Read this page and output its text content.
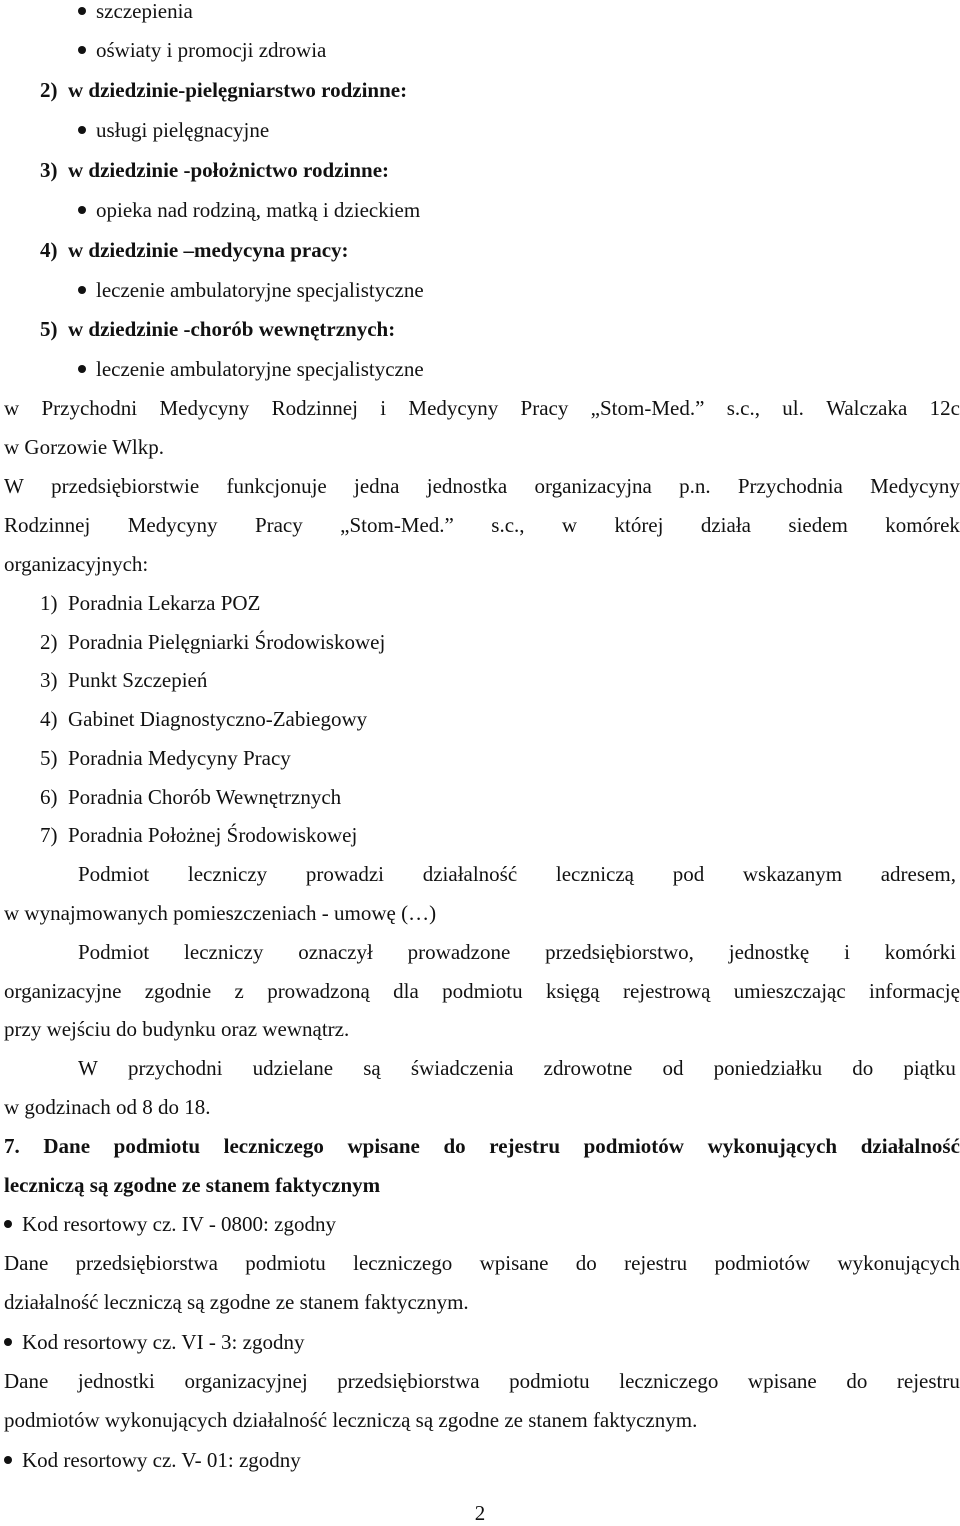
szczepienia
oświaty i promocji zdrowia
2) w dziedzinie-pielęgniarstwo rodzinne:
usługi pielęgnacyjne
3) w dziedzinie -położnictwo rodzinne:
opieka nad rodziną, matką i dzieckiem
4) w dziedzinie –medycyna pracy:
leczenie ambulatoryjne specjalistyczne
5) w dziedzinie -chorób wewnętrznych:
leczenie ambulatoryjne specjalistyczne
w Przychodni Medycyny Rodzinnej i Medycyny Pracy „Stom-Med.” s.c., ul. Walczaka 12c
w Gorzowie Wlkp.
W przedsiębiorstwie funkcjonuje jedna jednostka organizacyjna p.n. Przychodnia Medycyny
Rodzinnej Medycyny Pracy „Stom-Med.” s.c., w której działa siedem komórek
organizacyjnych:
1) Poradnia Lekarza POZ
2) Poradnia Pielęgniarki Środowiskowej
3) Punkt Szczepień
4) Gabinet Diagnostyczno-Zabiegowy
5) Poradnia Medycyny Pracy
6) Poradnia Chorób Wewnętrznych
7) Poradnia Położnej Środowiskowej
Podmiot leczniczy prowadzi działalność leczniczą pod wskazanym adresem,
w wynajmowanych pomieszczeniach - umowę (…)
Podmiot leczniczy oznaczył prowadzone przedsiębiorstwo, jednostkę i komórki
organizacyjne zgodnie z prowadzoną dla podmiotu księgą rejestrową umieszczając informację
przy wejściu do budynku oraz wewnątrz.
W przychodni udzielane są świadczenia zdrowotne od poniedziałku do piątku
w godzinach od 8 do 18.
7. Dane podmiotu leczniczego wpisane do rejestru podmiotów wykonujących działalność
leczniczą są zgodne ze stanem faktycznym
Kod resortowy cz. IV - 0800: zgodny
Dane przedsiębiorstwa podmiotu leczniczego wpisane do rejestru podmiotów wykonujących
działalność leczniczą są zgodne ze stanem faktycznym.
Kod resortowy cz. VI - 3: zgodny
Dane jednostki organizacyjnej przedsiębiorstwa podmiotu leczniczego wpisane do rejestru
podmiotów wykonujących działalność leczniczą są zgodne ze stanem faktycznym.
Kod resortowy cz. V- 01: zgodny
2
